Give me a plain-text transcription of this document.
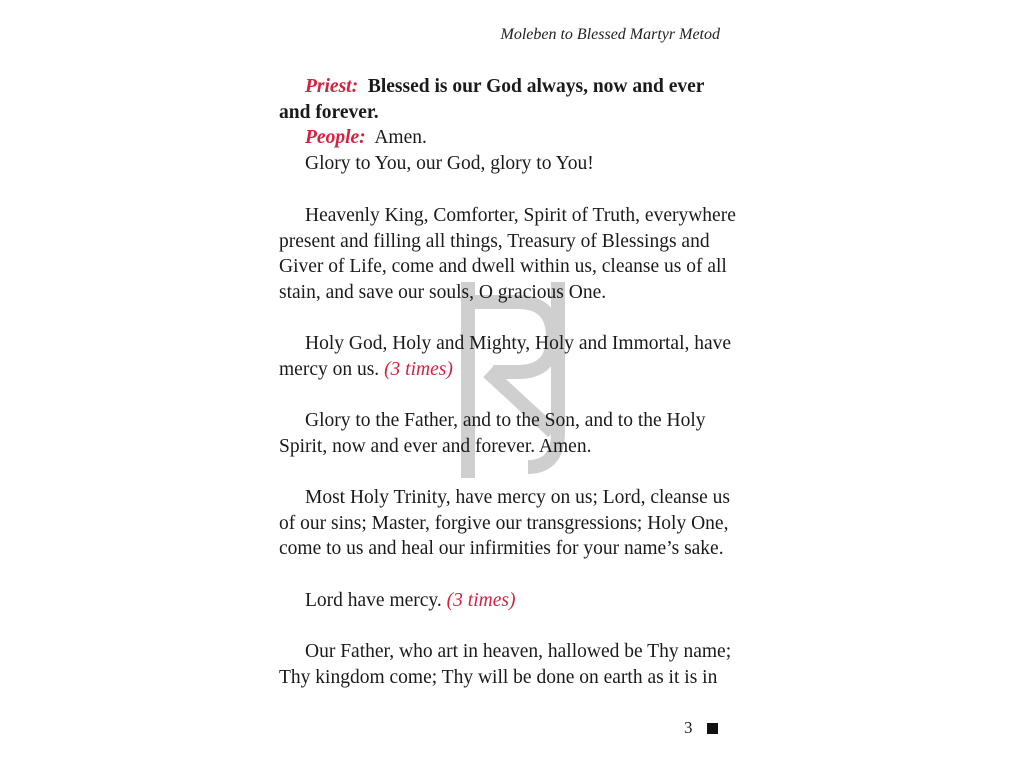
Moleben to Blessed Martyr Metod
Priest: Blessed is our God always, now and ever
and forever.
People: Amen.
Glory to You, our God, glory to You!
Heavenly King, Comforter, Spirit of Truth, everywhere
present and filling all things, Treasury of Blessings and
Giver of Life, come and dwell within us, cleanse us of all
stain, and save our souls, O gracious One.
Holy God, Holy and Mighty, Holy and Immortal, have
mercy on us. (3 times)
Glory to the Father, and to the Son, and to the Holy
Spirit, now and ever and forever. Amen.
Most Holy Trinity, have mercy on us; Lord, cleanse us
of our sins; Master, forgive our transgressions; Holy One,
come to us and heal our infirmities for your name’s sake.
Lord have mercy. (3 times)
Our Father, who art in heaven, hallowed be Thy name;
Thy kingdom come; Thy will be done on earth as it is in
3
